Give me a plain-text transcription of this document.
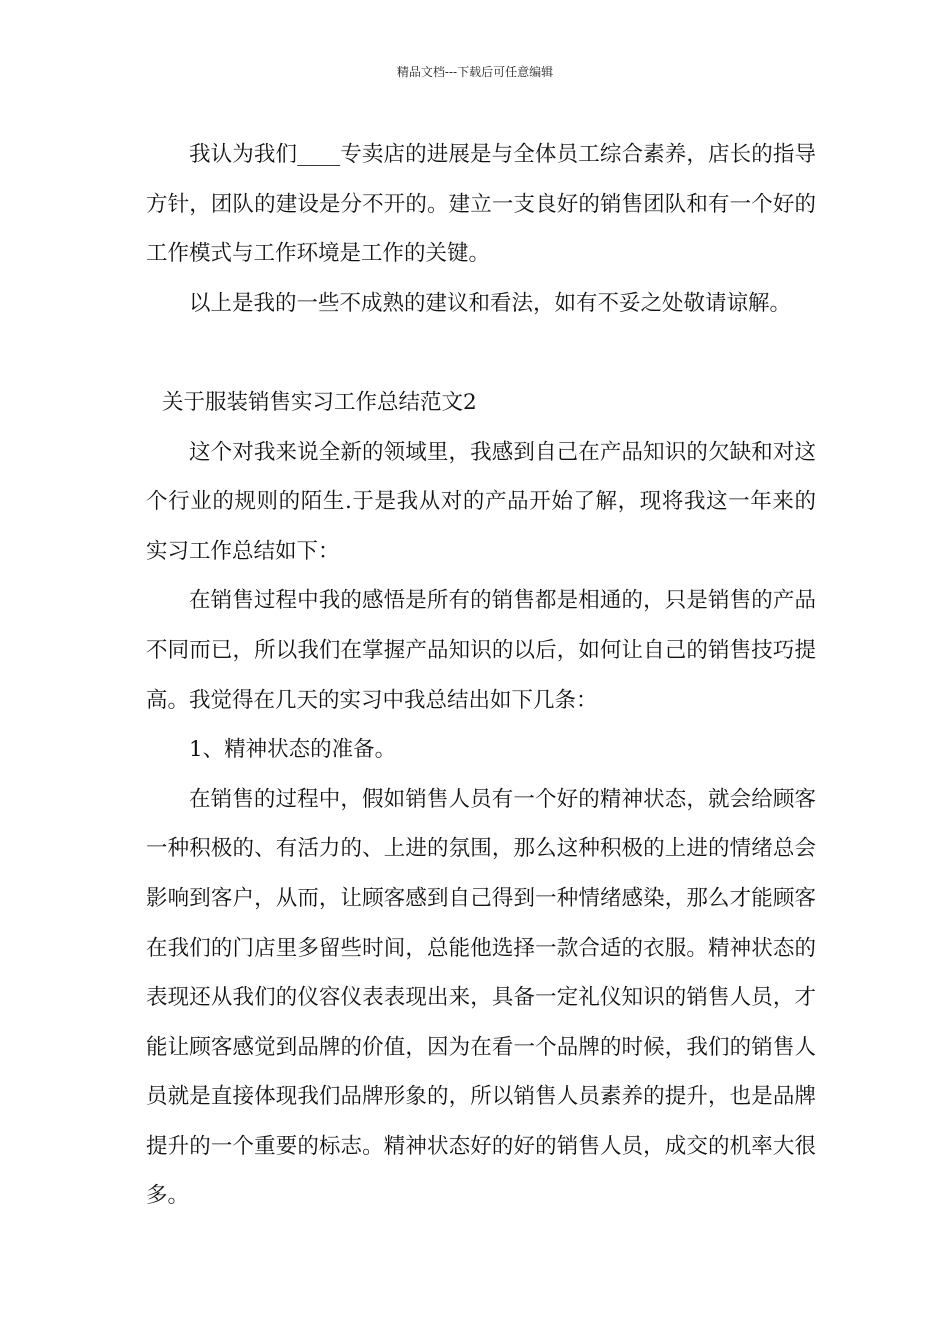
精品文档---下载后可任意编辑

我认为我们____专卖店的进展是与全体员工综合素养，店长的指导方针，团队的建设是分不开的。建立一支良好的销售团队和有一个好的工作模式与工作环境是工作的关键。

以上是我的一些不成熟的建议和看法，如有不妥之处敬请谅解。

关于服装销售实习工作总结范文2

这个对我来说全新的领域里，我感到自己在产品知识的欠缺和对这个行业的规则的陌生.于是我从对的产品开始了解，现将我这一年来的实习工作总结如下：

在销售过程中我的感悟是所有的销售都是相通的，只是销售的产品不同而已，所以我们在掌握产品知识的以后，如何让自己的销售技巧提高。我觉得在几天的实习中我总结出如下几条：

1、精神状态的准备。

在销售的过程中，假如销售人员有一个好的精神状态，就会给顾客一种积极的、有活力的、上进的氛围，那么这种积极的上进的情绪总会影响到客户，从而，让顾客感到自己得到一种情绪感染，那么才能顾客在我们的门店里多留些时间，总能他选择一款合适的衣服。精神状态的表现还从我们的仪容仪表表现出来，具备一定礼仪知识的销售人员，才能让顾客感觉到品牌的价值，因为在看一个品牌的时候，我们的销售人员就是直接体现我们品牌形象的，所以销售人员素养的提升，也是品牌提升的一个重要的标志。精神状态好的好的销售人员，成交的机率大很多。
